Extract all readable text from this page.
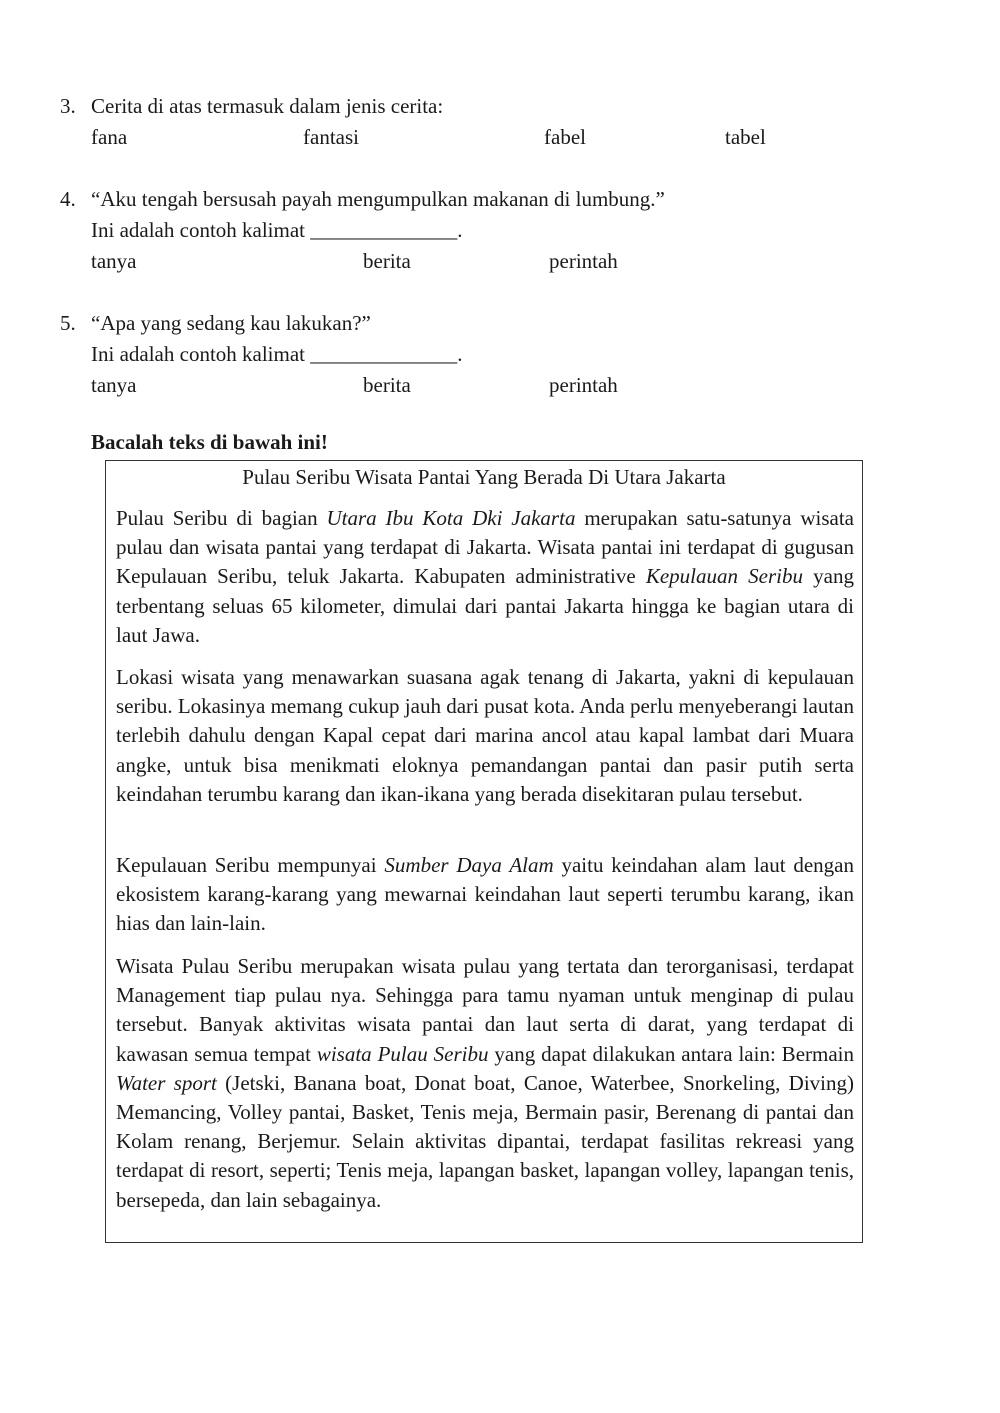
3. Cerita di atas termasuk dalam jenis cerita:
fana	fantasi	fabel	tabel
4. “Aku tengah bersusah payah mengumpulkan makanan di lumbung.”
Ini adalah contoh kalimat ______________.
tanya	berita	perintah
5. “Apa yang sedang kau lakukan?”
Ini adalah contoh kalimat ______________.
tanya	berita	perintah
Bacalah teks di bawah ini!
Pulau Seribu Wisata Pantai Yang Berada Di Utara Jakarta

Pulau Seribu di bagian Utara Ibu Kota Dki Jakarta merupakan satu-satunya wisata pulau dan wisata pantai yang terdapat di Jakarta. Wisata pantai ini terdapat di gugusan Kepulauan Seribu, teluk Jakarta. Kabupaten administrative Kepulauan Seribu yang terbentang seluas 65 kilometer, dimulai dari pantai Jakarta hingga ke bagian utara di laut Jawa.

Lokasi wisata yang menawarkan suasana agak tenang di Jakarta, yakni di kepulauan seribu. Lokasinya memang cukup jauh dari pusat kota. Anda perlu menyeberangi lautan terlebih dahulu dengan Kapal cepat dari marina ancol atau kapal lambat dari Muara angke, untuk bisa menikmati eloknya pemandangan pantai dan pasir putih serta keindahan terumbu karang dan ikan-ikana yang berada disekitaran pulau tersebut.

Kepulauan Seribu mempunyai Sumber Daya Alam yaitu keindahan alam laut dengan ekosistem karang-karang yang mewarnai keindahan laut seperti terumbu karang, ikan hias dan lain-lain.

Wisata Pulau Seribu merupakan wisata pulau yang tertata dan terorganisasi, terdapat Management tiap pulau nya. Sehingga para tamu nyaman untuk menginap di pulau tersebut. Banyak aktivitas wisata pantai dan laut serta di darat, yang terdapat di kawasan semua tempat wisata Pulau Seribu yang dapat dilakukan antara lain: Bermain Water sport (Jetski, Banana boat, Donat boat, Canoe, Waterbee, Snorkeling, Diving) Memancing, Volley pantai, Basket, Tenis meja, Bermain pasir, Berenang di pantai dan Kolam renang, Berjemur. Selain aktivitas dipantai, terdapat fasilitas rekreasi yang terdapat di resort, seperti; Tenis meja, lapangan basket, lapangan volley, lapangan tenis, bersepeda, dan lain sebagainya.
